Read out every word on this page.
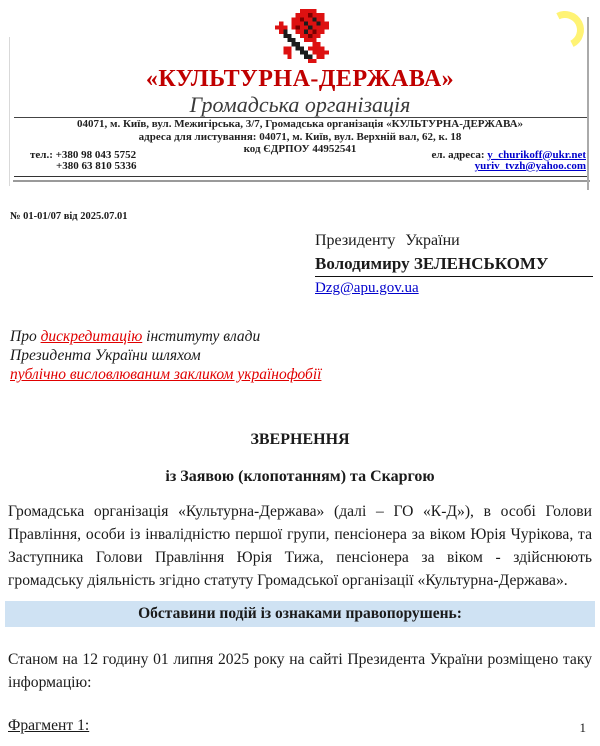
«КУЛЬТУРНА-ДЕРЖАВА»
Громадська організація
04071, м. Київ, вул. Межигірська, 3/7, Громадська організація «КУЛЬТУРНА-ДЕРЖАВА»
адреса для листування: 04071, м. Київ, вул. Верхній вал, 62, к. 18
код ЄДРПОУ 44952541
тел.: +380 98 043 5752
+380 63 810 5336
ел. адреса: y_churikoff@ukr.net
yuriv_tvzh@yahoo.com
№ 01-01/07 від 2025.07.01
Президенту України
Володимиру ЗЕЛЕНСЬКОМУ
Dzg@apu.gov.ua
Про дискредитацію інституту влади
Президента України шляхом
публічно висловлюваним закликом українофобії
ЗВЕРНЕННЯ
із Заявою (клопотанням) та Скаргою

Громадська організація «Культурна-Держава» (далі – ГО «К-Д»), в особі Голови Правління, особи із інвалідністю першої групи, пенсіонера за віком Юрія Чурікова, та Заступника Голови Правління Юрія Тижа, пенсіонера за віком - здійснюють громадську діяльність згідно статуту Громадської організації «Культурна-Держава».

Обставини подій із ознаками правопорушень:

Станом на 12 годину 01 липня 2025 року на сайті Президента України розміщено таку інформацію:

Фрагмент 1:	1
